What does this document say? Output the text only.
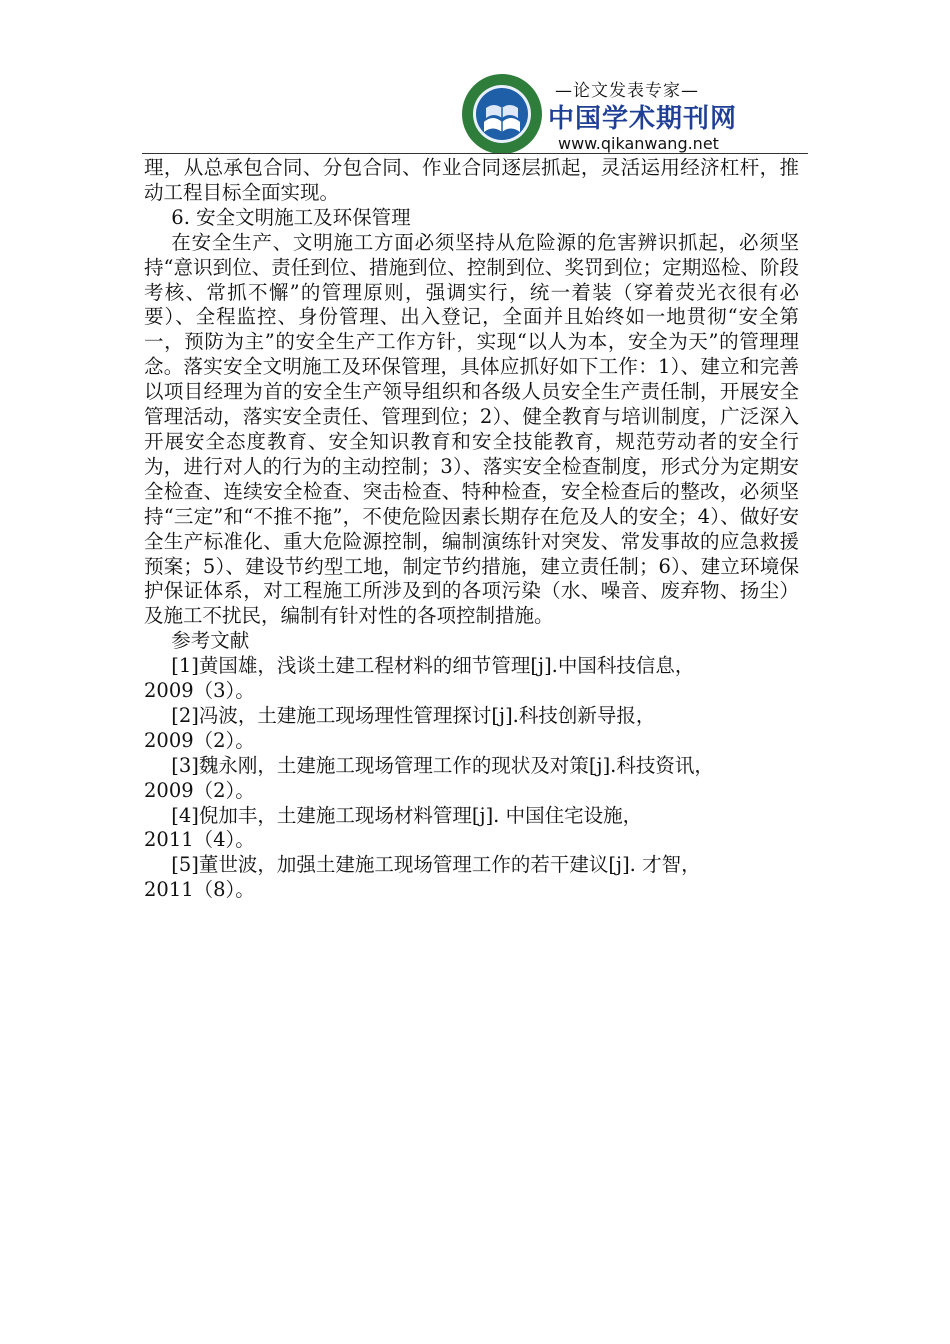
—论文发表专家—
中国学术期刊网
www.qikanwang.net

理，从总承包合同、分包合同、作业合同逐层抓起，灵活运用经济杠杆，推动工程目标全面实现。

6. 安全文明施工及环保管理

在安全生产、文明施工方面必须坚持从危险源的危害辨识抓起，必须坚持“意识到位、责任到位、措施到位、控制到位、奖罚到位；定期巡检、阶段考核、常抓不懈”的管理原则，强调实行，统一着装（穿着荧光衣很有必要）、全程监控、身份管理、出入登记，全面并且始终如一地贯彻“安全第一，预防为主”的安全生产工作方针，实现“以人为本，安全为天”的管理理念。落实安全文明施工及环保管理，具体应抓好如下工作：1）、建立和完善以项目经理为首的安全生产领导组织和各级人员安全生产责任制，开展安全管理活动，落实安全责任、管理到位；2）、健全教育与培训制度，广泛深入开展安全态度教育、安全知识教育和安全技能教育，规范劳动者的安全行为，进行对人的行为的主动控制；3）、落实安全检查制度，形式分为定期安全检查、连续安全检查、突击检查、特种检查，安全检查后的整改，必须坚持“三定”和“不推不拖”，不使危险因素长期存在危及人的安全；4）、做好安全生产标准化、重大危险源控制，编制演练针对突发、常发事故的应急救援预案；5）、建设节约型工地，制定节约措施，建立责任制；6）、建立环境保护保证体系，对工程施工所涉及到的各项污染（水、噪音、废弃物、扬尘）及施工不扰民，编制有针对性的各项控制措施。

参考文献

[1]黄国雄，浅谈土建工程材料的细节管理[j].中国科技信息，
2009（3）。

[2]冯波，土建施工现场理性管理探讨[j].科技创新导报，
2009（2）。

[3]魏永刚，土建施工现场管理工作的现状及对策[j].科技资讯，
2009（2）。

[4]倪加丰，土建施工现场材料管理[j]. 中国住宅设施，
2011（4）。

[5]董世波，加强土建施工现场管理工作的若干建议[j]. 才智，
2011（8）。
